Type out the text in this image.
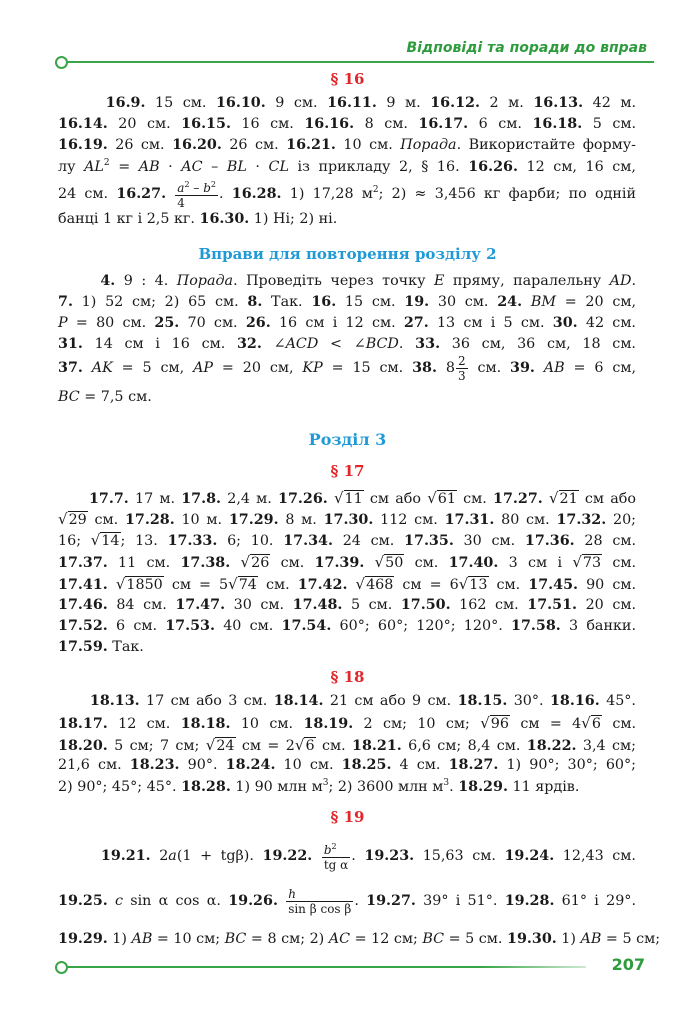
Відповіді та поради до вправ
§ 16
16.9. 15 см. 16.10. 9 см. 16.11. 9 м. 16.12. 2 м. 16.13. 42 м.
16.14. 20 см. 16.15. 16 см. 16.16. 8 см. 16.17. 6 см. 16.18. 5 см.
16.19. 26 см. 16.20. 26 см. 16.21. 10 см. Порада. Використайте форму-
лу $AL^2$ = AB · AC – BL · CL із прикладу 2, § 16. 16.26. 12 см, 16 см,
24 см. 16.27. $\frac{a^2 - b^2}{4}$ . 16.28. 1) 17,28 $м^2$; 2) ≈ 3,456 кг фарби; по одній
банці 1 кг і 2,5 кг. 16.30. 1) Ні; 2) ні.
Вправи для повторення розділу 2
4. 9 : 4. Порада. Проведіть через точку E пряму, паралельну AD.
7. 1) 52 см; 2) 65 см. 8. Так. 16. 15 см. 19. 30 см. 24. BM = 20 см,
P = 80 см. 25. 70 см. 26. 16 см і 12 см. 27. 13 см і 5 см. 30. 42 см.
31. 14 см і 16 см. 32. ∠ACD < ∠BCD. 33. 36 см, 36 см, 18 см.
37. AK = 5 см, AP = 20 см, KP = 15 см. 38. $8 \frac{2}{3}$ см. 39. AB = 6 см,
BC = 7,5 см.
Розділ 3
§ 17
17.7. 17 м. 17.8. 2,4 м. 17.26. √11 см або √61 см. 17.27. √21 см або
√29 см. 17.28. 10 м. 17.29. 8 м. 17.30. 112 см. 17.31. 80 см. 17.32. 20;
16; √14; 13. 17.33. 6; 10. 17.34. 24 см. 17.35. 30 см. 17.36. 28 см.
17.37. 11 см. 17.38. √26 см. 17.39. √50 см. 17.40. 3 см і √73 см.
17.41. √1850 см = 5√74 см. 17.42. √468 см = 6√13 см. 17.45. 90 см.
17.46. 84 см. 17.47. 30 см. 17.48. 5 см. 17.50. 162 см. 17.51. 20 см.
17.52. 6 см. 17.53. 40 см. 17.54. 60°; 60°; 120°; 120°. 17.58. 3 банки.
17.59. Так.
§ 18
18.13. 17 см або 3 см. 18.14. 21 см або 9 см. 18.15. 30°. 18.16. 45°.
18.17. 12 см. 18.18. 10 см. 18.19. 2 см; 10 см; √96 см = 4√6 см.
18.20. 5 см; 7 см; √24 см = 2√6 см. 18.21. 6,6 см; 8,4 см. 18.22. 3,4 см;
21,6 см. 18.23. 90°. 18.24. 10 см. 18.25. 4 см. 18.27. 1) 90°; 30°; 60°;
2) 90°; 45°; 45°. 18.28. 1) 90 млн $м^3$; 2) 3600 млн $м^3$. 18.29. 11 ярдів.
§ 19
19.21. 2a(1 + tgβ). 19.22. $\frac{b^2}{\text{tg α}}$ . 19.23. 15,63 см. 19.24. 12,43 см.
19.25. c sin α cos α. 19.26. $\frac{h}{\text{sin β cos β}}$ . 19.27. 39° і 51°. 19.28. 61° і 29°.
19.29. 1) AB = 10 см; BC = 8 см; 2) AC = 12 см; BC = 5 см. 19.30. 1) AB = 5 см;
207
